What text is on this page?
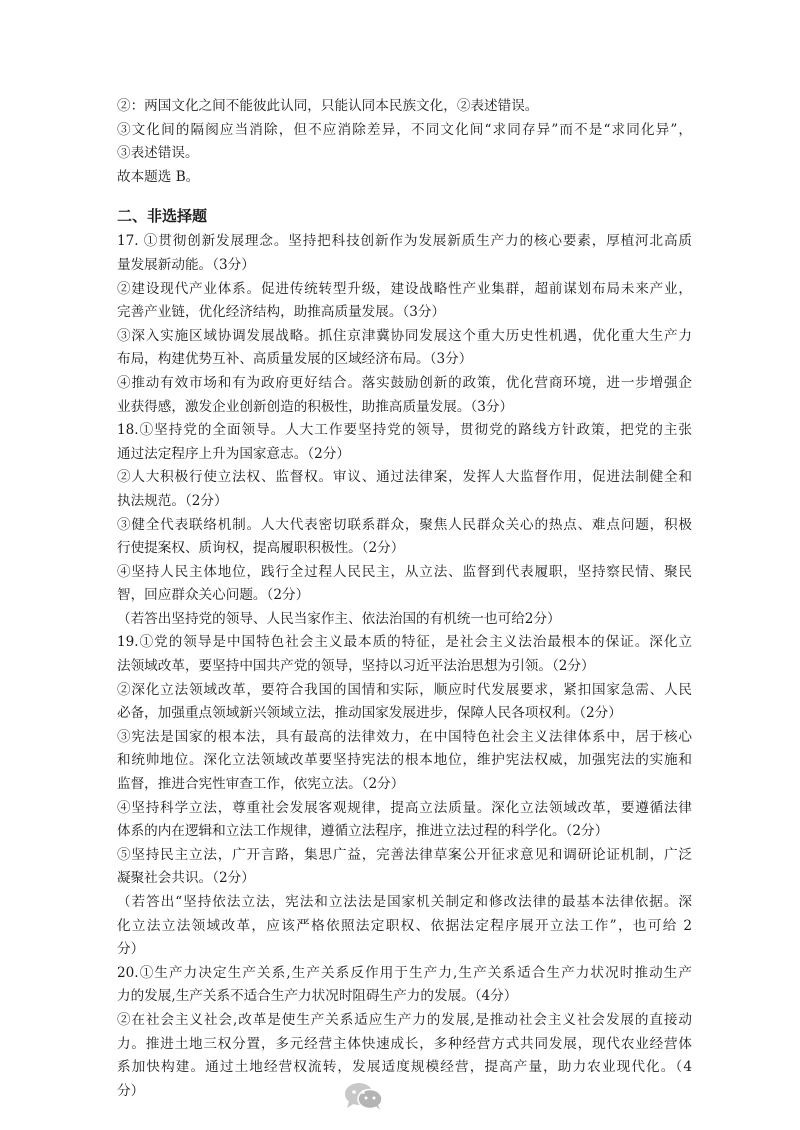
②：两国文化之间不能彼此认同，只能认同本民族文化，②表述错误。
③文化间的隔阂应当消除，但不应消除差异，不同文化间“求同存异”而不是“求同化异”，
③表述错误。
故本题选 B。
二、非选择题
17. ①贯彻创新发展理念。坚持把科技创新作为发展新质生产力的核心要素，厚植河北高质
量发展新动能。（3分）
②建设现代产业体系。促进传统转型升级，建设战略性产业集群，超前谋划布局未来产业，
完善产业链，优化经济结构，助推高质量发展。（3分）
③深入实施区域协调发展战略。抓住京津冀协同发展这个重大历史性机遇，优化重大生产力
布局，构建优势互补、高质量发展的区域经济布局。（3分）
④推动有效市场和有为政府更好结合。落实鼓励创新的政策，优化营商环境，进一步增强企
业获得感，激发企业创新创造的积极性，助推高质量发展。（3分）
18.①坚持党的全面领导。人大工作要坚持党的领导，贯彻党的路线方针政策，把党的主张
通过法定程序上升为国家意志。（2分）
②人大积极行使立法权、监督权。审议、通过法律案，发挥人大监督作用，促进法制健全和
执法规范。（2分）
③健全代表联络机制。人大代表密切联系群众，聚焦人民群众关心的热点、难点问题，积极
行使提案权、质询权，提高履职积极性。（2分）
④坚持人民主体地位，践行全过程人民民主，从立法、监督到代表履职，坚持察民情、聚民
智，回应群众关心问题。（2分）
（若答出坚持党的领导、人民当家作主、依法治国的有机统一也可给2分）
19.①党的领导是中国特色社会主义最本质的特征，是社会主义法治最根本的保证。深化立
法领域改革，要坚持中国共产党的领导，坚持以习近平法治思想为引领。（2分）
②深化立法领域改革，要符合我国的国情和实际，顺应时代发展要求，紧扣国家急需、人民
必备，加强重点领域新兴领域立法，推动国家发展进步，保障人民各项权利。（2分）
③宪法是国家的根本法，具有最高的法律效力，在中国特色社会主义法律体系中，居于核心
和统帅地位。深化立法领域改革要坚持宪法的根本地位，维护宪法权威，加强宪法的实施和
监督，推进合宪性审查工作，依宪立法。（2分）
④坚持科学立法，尊重社会发展客观规律，提高立法质量。深化立法领域改革，要遵循法律
体系的内在逻辑和立法工作规律，遵循立法程序，推进立法过程的科学化。（2分）
⑤坚持民主立法，广开言路，集思广益，完善法律草案公开征求意见和调研论证机制，广泛
凝聚社会共识。（2分）
（若答出“坚持依法立法，宪法和立法法是国家机关制定和修改法律的最基本法律依据。深
化立法立法领域改革，应该严格依照法定职权、依据法定程序展开立法工作”，也可给 2
分）
20.①生产力决定生产关系,生产关系反作用于生产力,生产关系适合生产力状况时推动生产
力的发展,生产关系不适合生产力状况时阻碍生产力的发展。（4分）
②在社会主义社会,改革是使生产关系适应生产力的发展,是推动社会主义社会发展的直接动
力。推进土地三权分置，多元经营主体快速成长，多种经营方式共同发展，现代农业经营体
系加快构建。通过土地经营权流转，发展适度规模经营，提高产量，助力农业现代化。（4
分）
